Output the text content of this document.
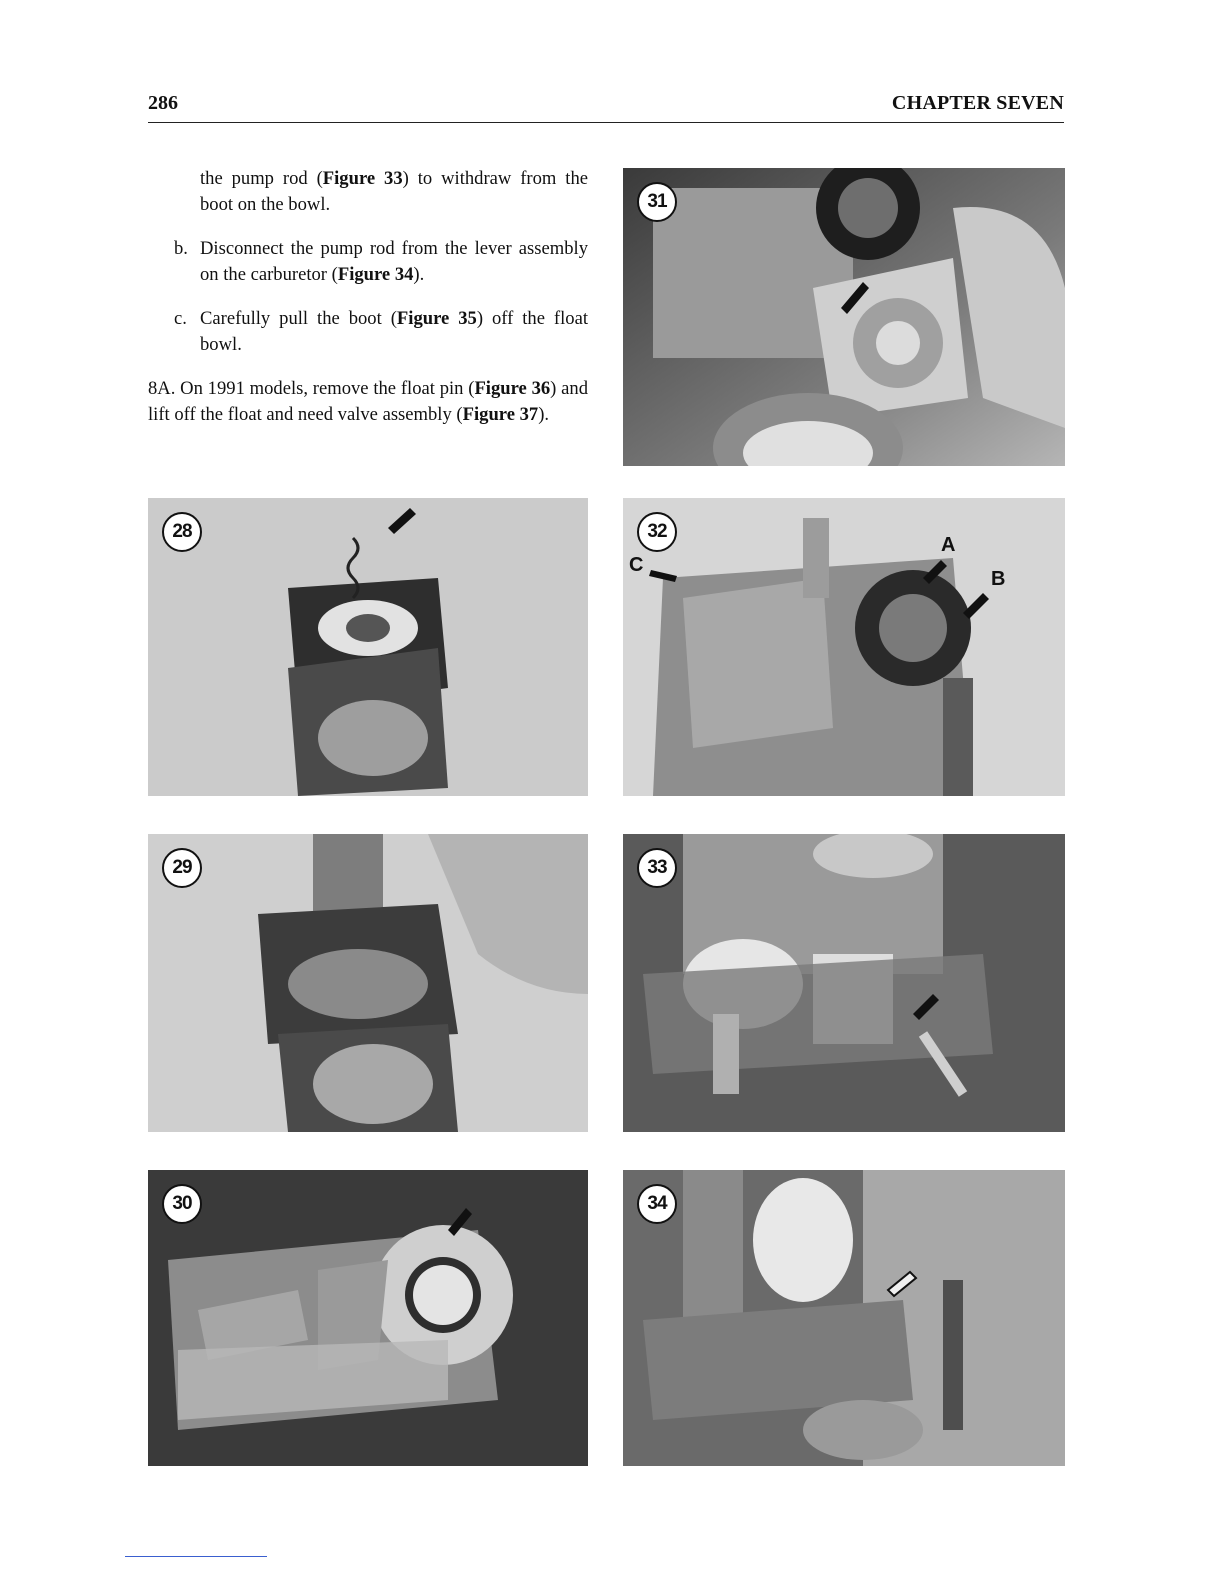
286	CHAPTER SEVEN

the pump rod (Figure 33) to withdraw from the boot on the bowl.

b. Disconnect the pump rod from the lever assembly on the carburetor (Figure 34).

c. Carefully pull the boot (Figure 35) off the float bowl.

8A. On 1991 models, remove the float pin (Figure 36) and lift off the float and need valve assembly (Figure 37).

31
28	32
A
B
C
29	33
30	34
